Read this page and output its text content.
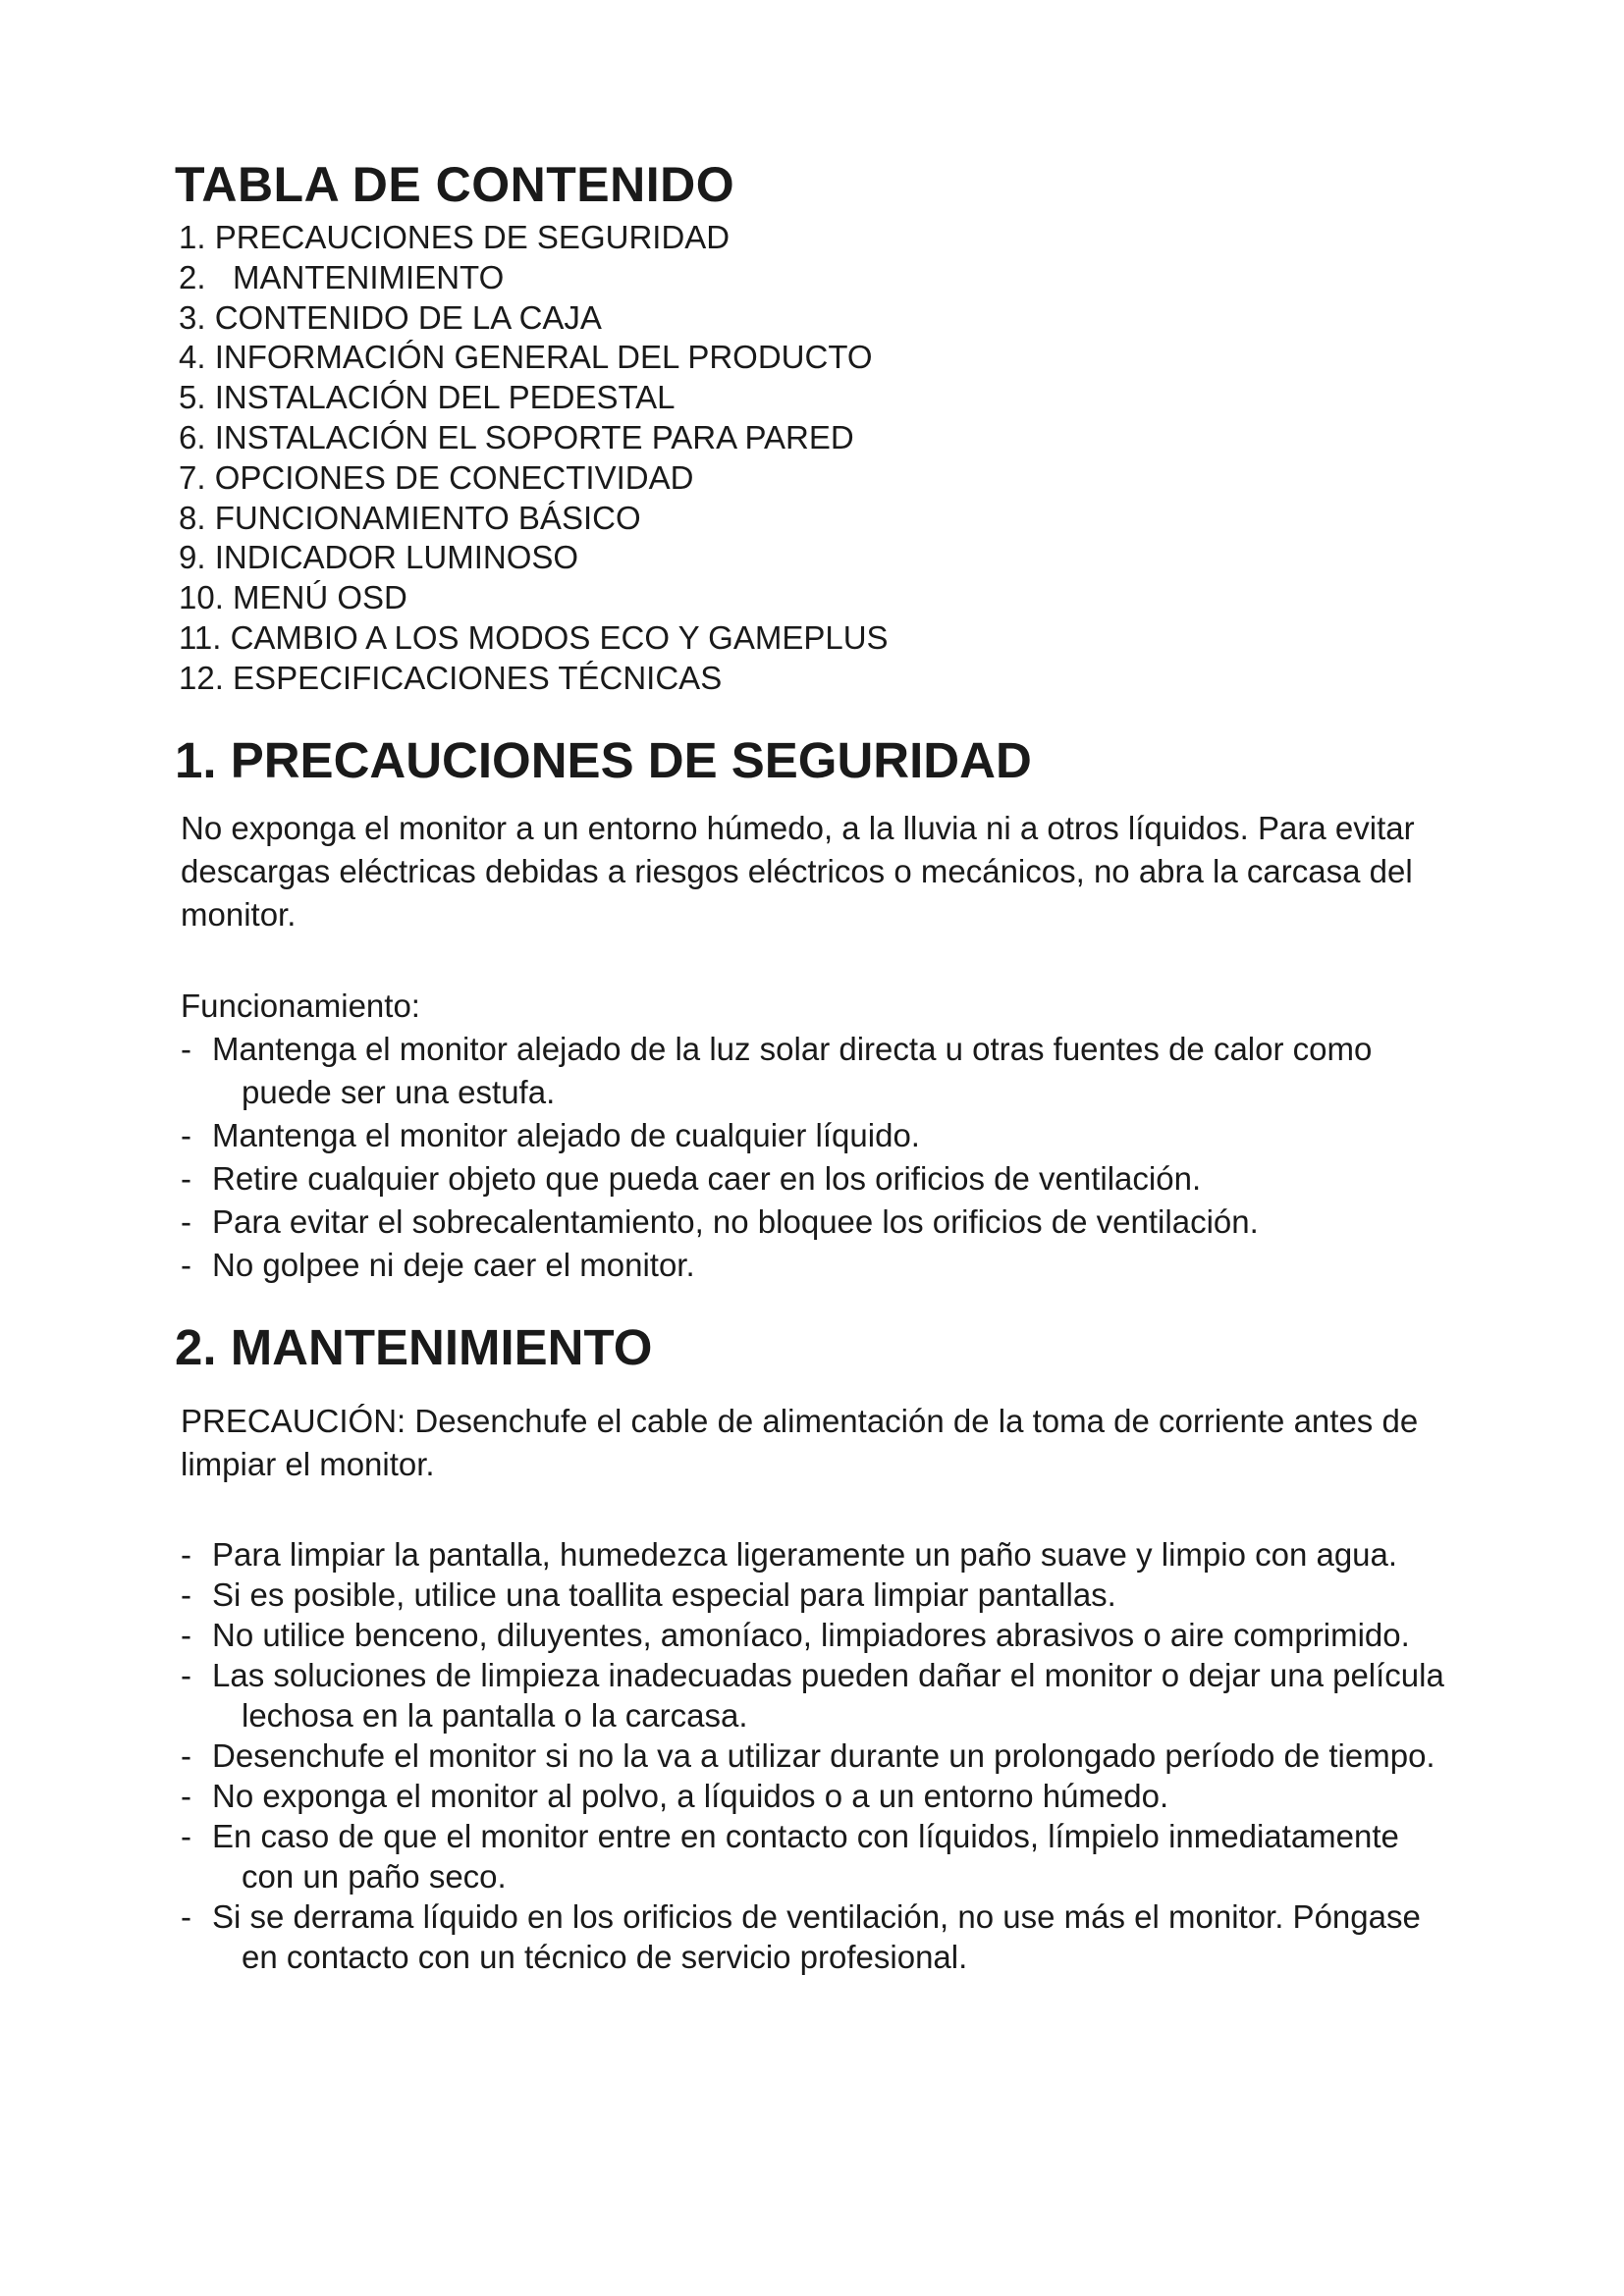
TABLA DE CONTENIDO
1. PRECAUCIONES DE SEGURIDAD
2.   MANTENIMIENTO
3. CONTENIDO DE LA CAJA
4. INFORMACIÓN GENERAL DEL PRODUCTO
5. INSTALACIÓN DEL PEDESTAL
6. INSTALACIÓN EL SOPORTE PARA PARED
7. OPCIONES DE CONECTIVIDAD
8. FUNCIONAMIENTO BÁSICO
9. INDICADOR LUMINOSO
10. MENÚ OSD
11. CAMBIO A LOS MODOS ECO Y GAMEPLUS
12. ESPECIFICACIONES TÉCNICAS
1. PRECAUCIONES DE SEGURIDAD

No exponga el monitor a un entorno húmedo, a la lluvia ni a otros líquidos. Para evitar descargas eléctricas debidas a riesgos eléctricos o mecánicos, no abra la carcasa del monitor.

Funcionamiento:

- Mantenga el monitor alejado de la luz solar directa u otras fuentes de calor como puede ser una estufa.
- Mantenga el monitor alejado de cualquier líquido.
- Retire cualquier objeto que pueda caer en los orificios de ventilación.
- Para evitar el sobrecalentamiento, no bloquee los orificios de ventilación.
- No golpee ni deje caer el monitor.
2. MANTENIMIENTO

PRECAUCIÓN: Desenchufe el cable de alimentación de la toma de corriente antes de limpiar el monitor.

- Para limpiar la pantalla, humedezca ligeramente un paño suave y limpio con agua.
- Si es posible, utilice una toallita especial para limpiar pantallas.
- No utilice benceno, diluyentes, amoníaco, limpiadores abrasivos o aire comprimido.
- Las soluciones de limpieza inadecuadas pueden dañar el monitor o dejar una película lechosa en la pantalla o la carcasa.
- Desenchufe el monitor si no la va a utilizar durante un prolongado período de tiempo.
- No exponga el monitor al polvo, a líquidos o a un entorno húmedo.
- En caso de que el monitor entre en contacto con líquidos, límpielo inmediatamente con un paño seco.
- Si se derrama líquido en los orificios de ventilación, no use más el monitor. Póngase en contacto con un técnico de servicio profesional.
